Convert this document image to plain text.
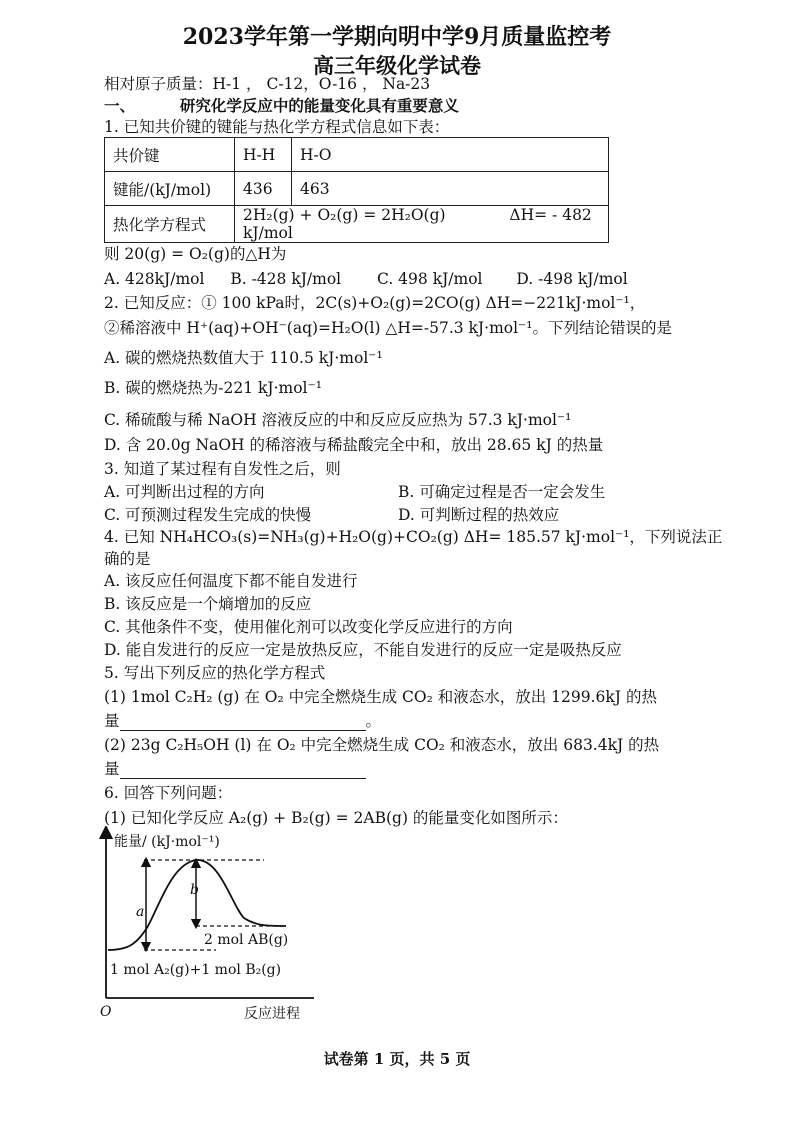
2023学年第一学期向明中学9月质量监控考
高三年级化学试卷
相对原子质量：H-1 ， C-12，O-16 ， Na-23
一、	研究化学反应中的能量变化具有重要意义
1. 已知共价键的键能与热化学方程式信息如下表：
共价键	H-H	H-O
键能/(kJ/mol)	436	463
热化学方程式	2H₂(g) + O₂(g) = 2H₂O(g) ΔH= - 482 kJ/mol	
则 20(g) = O₂(g)的△H为
A. 428kJ/mol B. -428 kJ/mol C. 498 kJ/mol D. -498 kJ/mol
2. 已知反应：① 100 kPa时，2C(s)+O₂(g)=2CO(g) ΔH=−221kJ·mol⁻¹，
②稀溶液中 H⁺(aq)+OH⁻(aq)=H₂O(l) △H=-57.3 kJ·mol⁻¹。下列结论错误的是
A. 碳的燃烧热数值大于 110.5 kJ·mol⁻¹
B. 碳的燃烧热为-221 kJ·mol⁻¹
C. 稀硫酸与稀 NaOH 溶液反应的中和反应反应热为 57.3 kJ·mol⁻¹
D. 含 20.0g NaOH 的稀溶液与稀盐酸完全中和，放出 28.65 kJ 的热量
3. 知道了某过程有自发性之后，则
A. 可判断出过程的方向	B. 可确定过程是否一定会发生
C. 可预测过程发生完成的快慢	D. 可判断过程的热效应
4. 已知 NH₄HCO₃(s)=NH₃(g)+H₂O(g)+CO₂(g) ΔH= 185.57 kJ·mol⁻¹，下列说法正
确的是
A. 该反应任何温度下都不能自发进行
B. 该反应是一个熵增加的反应
C. 其他条件不变，使用催化剂可以改变化学反应进行的方向
D. 能自发进行的反应一定是放热反应，不能自发进行的反应一定是吸热反应
5. 写出下列反应的热化学方程式
(1) 1mol C₂H₂ (g) 在 O₂ 中完全燃烧生成 CO₂ 和液态水，放出 1299.6kJ 的热
量	。
(2) 23g C₂H₅OH (l) 在 O₂ 中完全燃烧生成 CO₂ 和液态水，放出 683.4kJ 的热
量
6. 回答下列问题：
(1) 已知化学反应 A₂(g) + B₂(g) = 2AB(g) 的能量变化如图所示：
能量/ (kJ·mol⁻¹)
O	反应进程
a
b
2 mol AB(g)
1 mol A₂(g)+1 mol B₂(g)
试卷第 1 页，共 5 页
